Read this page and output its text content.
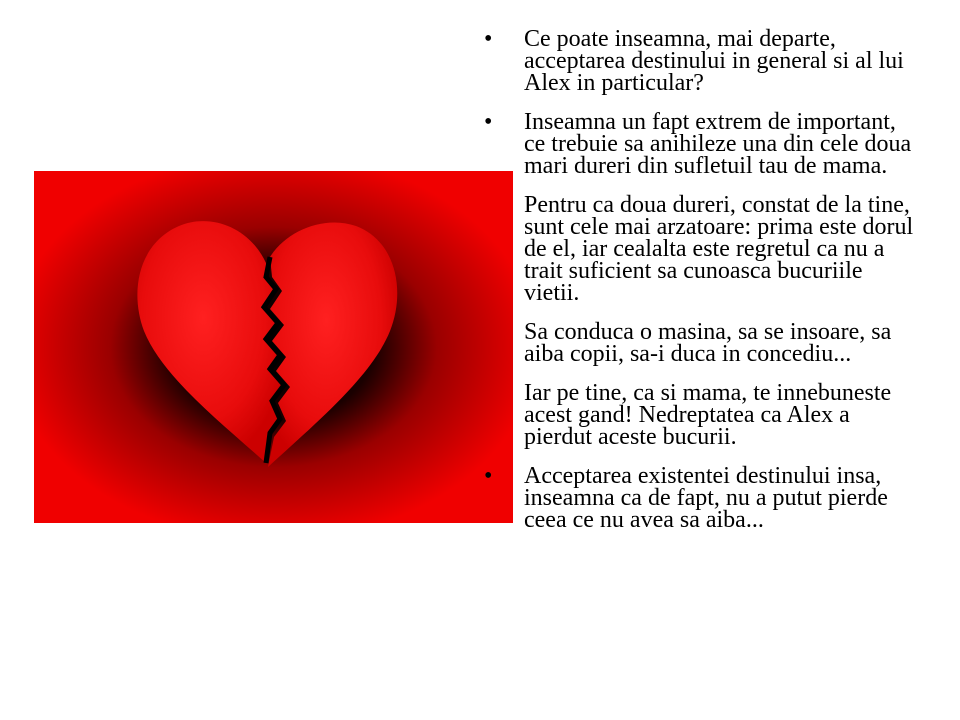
•	Ce poate inseamna, mai departe, acceptarea destinului in general si al lui Alex in particular?
•	Inseamna un fapt extrem de important, ce trebuie sa anihileze una din cele doua mari dureri din sufletuil tau de mama.
Pentru ca doua dureri, constat de la tine, sunt cele mai arzatoare: prima este dorul de el, iar cealalta este regretul ca nu a trait suficient sa cunoasca bucuriile vietii.
Sa conduca o masina, sa se insoare, sa aiba copii, sa-i duca in concediu...
Iar pe tine, ca si mama, te innebuneste acest gand! Nedreptatea ca Alex a pierdut aceste bucurii.
•	Acceptarea existentei destinului insa, inseamna ca de fapt, nu a putut pierde ceea ce nu avea sa aiba...
